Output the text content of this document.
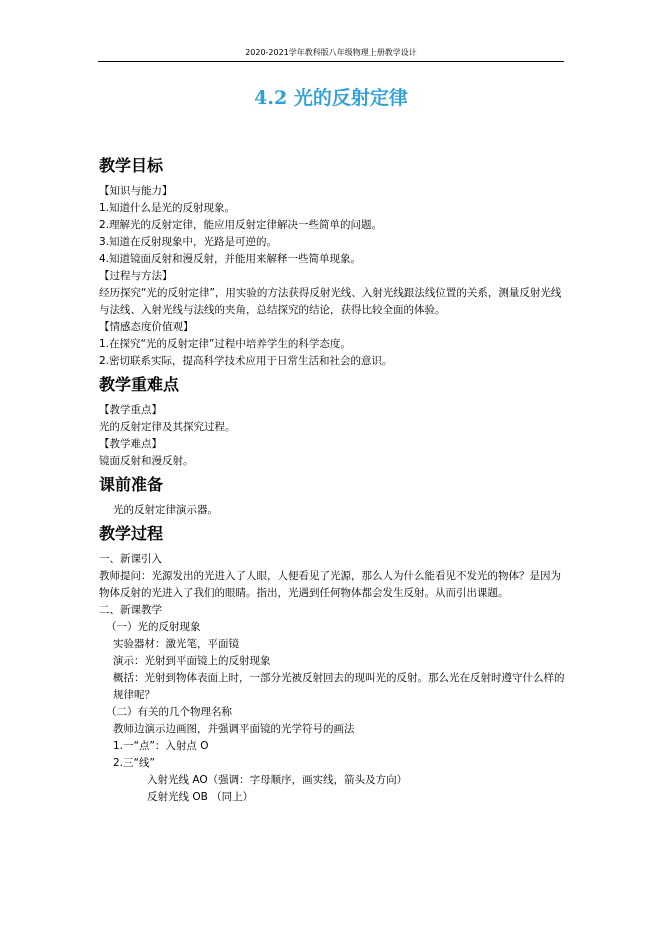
2020-2021学年教科版八年级物理上册教学设计
4.2 光的反射定律
教学目标

【知识与能力】

1.知道什么是光的反射现象。

2.理解光的反射定律，能应用反射定律解决一些简单的问题。

3.知道在反射现象中，光路是可逆的。

4.知道镜面反射和漫反射，并能用来解释一些简单现象。

【过程与方法】

经历探究“光的反射定律”，用实验的方法获得反射光线、入射光线跟法线位置的关系，测量反射光线与法线、入射光线与法线的夹角，总结探究的结论，获得比较全面的体验。

【情感态度价值观】

1.在探究“光的反射定律”过程中培养学生的科学态度。

2.密切联系实际，提高科学技术应用于日常生活和社会的意识。

教学重难点

【教学重点】

光的反射定律及其探究过程。

【教学难点】

镜面反射和漫反射。

课前准备

光的反射定律演示器。

教学过程

一、新课引入

教师提问：光源发出的光进入了人眼，人便看见了光源，那么人为什么能看见不发光的物体？是因为物体反射的光进入了我们的眼睛。指出，光遇到任何物体都会发生反射。从而引出课题。

二、新课教学

（一）光的反射现象

实验器材：激光笔，平面镜

演示：光射到平面镜上的反射现象

概括：光射到物体表面上时，一部分光被反射回去的现叫光的反射。那么光在反射时遵守什么样的规律呢？

（二）有关的几个物理名称

教师边演示边画图，并强调平面镜的光学符号的画法

1.一“点”：入射点 O

2.三“线”

入射光线 AO（强调：字母顺序，画实线，箭头及方向）

反射光线 OB （同上）
